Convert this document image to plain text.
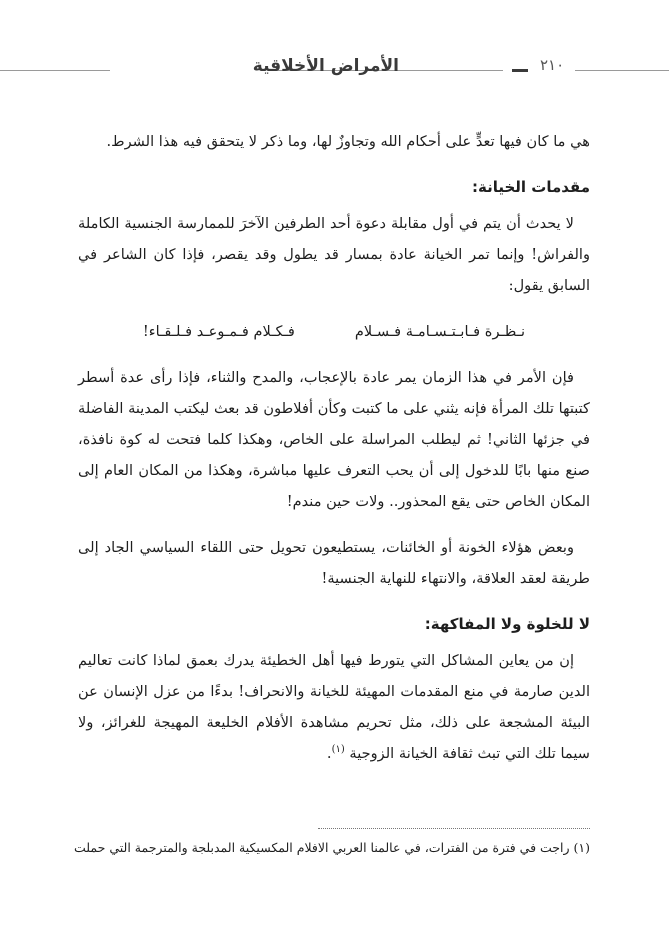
الأمراض الأخلاقية	٢١٠

هي ما كان فيها تعدٍّ على أحكام الله وتجاوزٌ لها، وما ذكر لا يتحقق فيه هذا الشرط.

مقدمات الخيانة:

لا يحدث أن يتم في أول مقابلة دعوة أحد الطرفين الآخرَ للممارسة الجنسية الكاملة والفراش! وإنما تمر الخيانة عادة بمسار قد يطول وقد يقصر، فإذا كان الشاعر في السابق يقول:

نـظـرة فـابـتـسـامـة فـسـلام
فـكـلام فـمـوعـد فـلـقـاء!

فإن الأمر في هذا الزمان يمر عادة بالإعجاب، والمدح والثناء، فإذا رأى عدة أسطر كتبتها تلك المرأة فإنه يثني على ما كتبت وكأن أفلاطون قد بعث ليكتب المدينة الفاضلة في جزئها الثاني! ثم ليطلب المراسلة على الخاص، وهكذا كلما فتحت له كوة نافذة، صنع منها بابًا للدخول إلى أن يحب التعرف عليها مباشرة، وهكذا من المكان العام إلى المكان الخاص حتى يقع المحذور.. ولات حين مندم!

وبعض هؤلاء الخونة أو الخائنات، يستطيعون تحويل حتى اللقاء السياسي الجاد إلى طريقة لعقد العلاقة، والانتهاء للنهاية الجنسية!

لا للخلوة ولا المفاكهة:

إن من يعاين المشاكل التي يتورط فيها أهل الخطيئة يدرك بعمق لماذا كانت تعاليم الدين صارمة في منع المقدمات المهيئة للخيانة والانحراف! بدءًا من عزل الإنسان عن البيئة المشجعة على ذلك، مثل تحريم مشاهدة الأفلام الخليعة المهيجة للغرائز، ولا سيما تلك التي تبث ثقافة الخيانة الزوجية $^{(١)}$.

(١) راجت في فترة من الفترات، في عالمنا العربي الافلام المكسيكية المدبلجة والمترجمة التي حملت
